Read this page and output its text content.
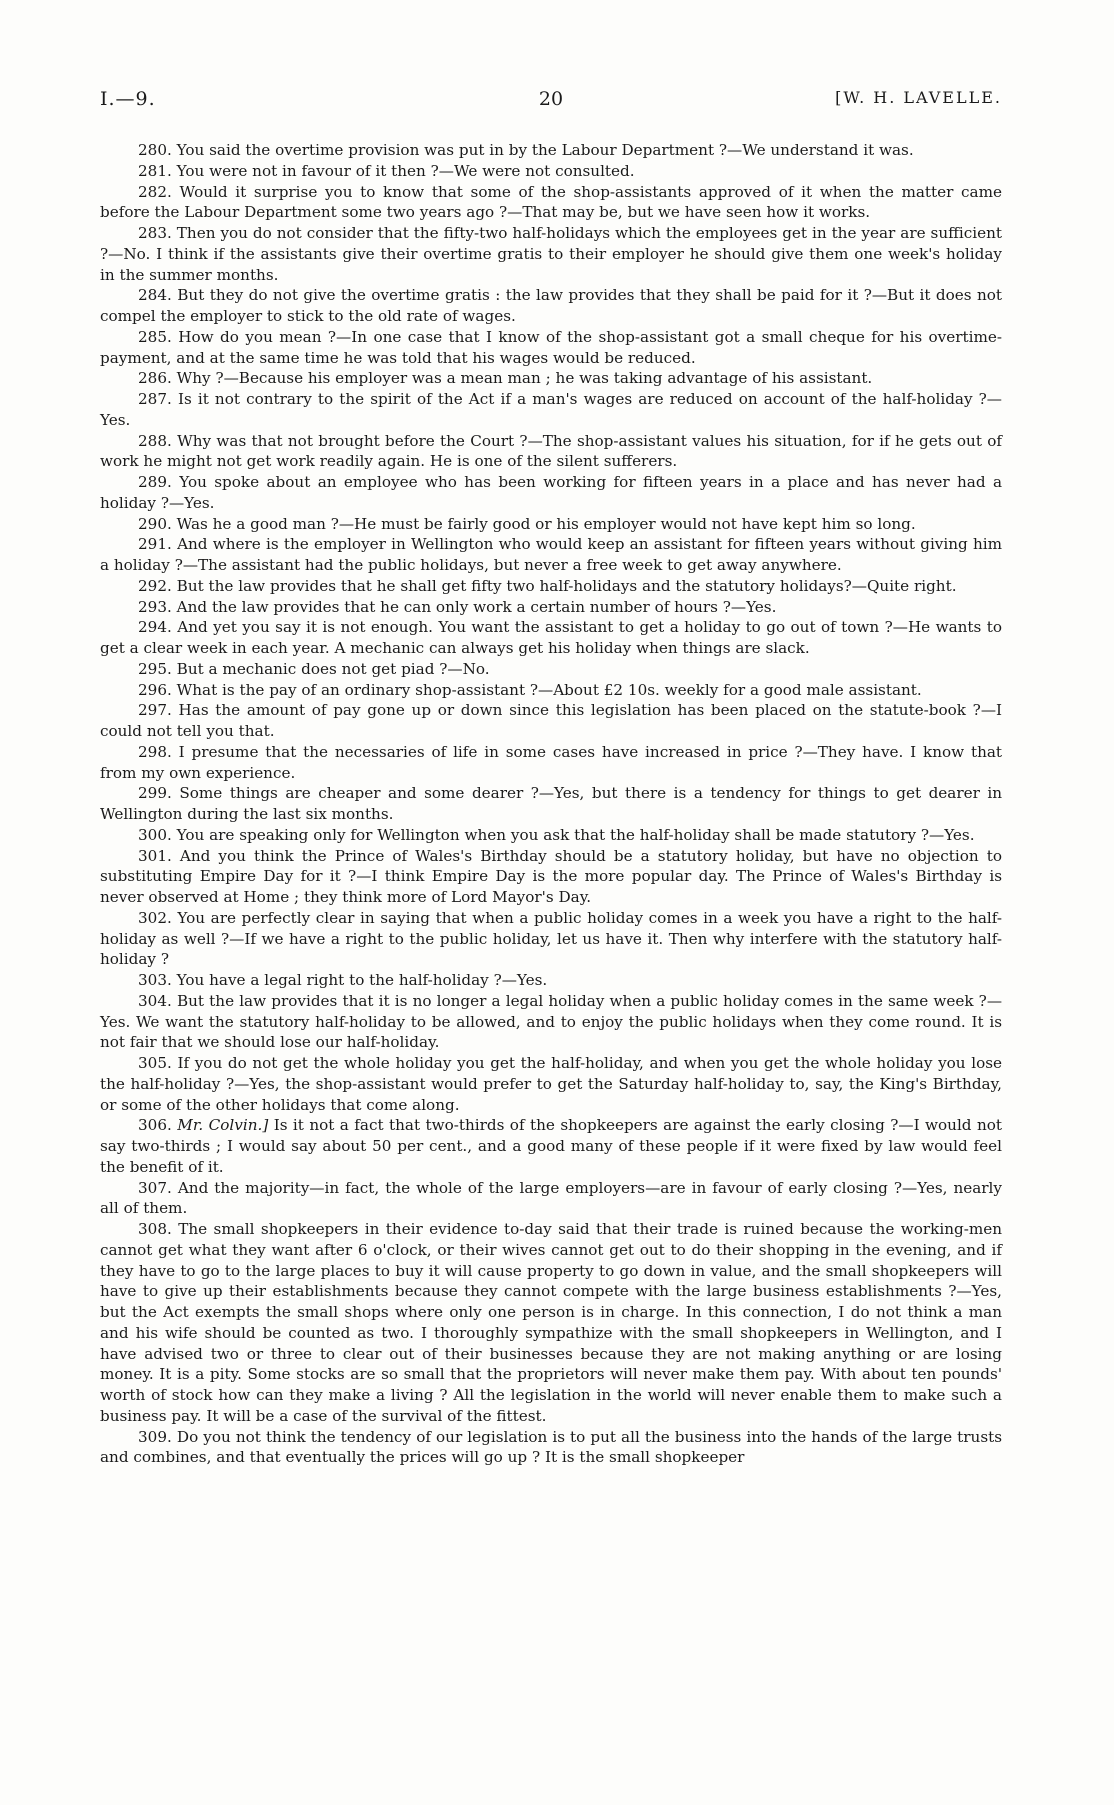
I.—9.	20	[W. H. LAVELLE.

280. You said the overtime provision was put in by the Labour Department ?—We understand it was.

281. You were not in favour of it then ?—We were not consulted.

282. Would it surprise you to know that some of the shop-assistants approved of it when the matter came before the Labour Department some two years ago ?—That may be, but we have seen how it works.

283. Then you do not consider that the fifty-two half-holidays which the employees get in the year are sufficient ?—No. I think if the assistants give their overtime gratis to their employer he should give them one week's holiday in the summer months.

284. But they do not give the overtime gratis : the law provides that they shall be paid for it ?—But it does not compel the employer to stick to the old rate of wages.

285. How do you mean ?—In one case that I know of the shop-assistant got a small cheque for his overtime-payment, and at the same time he was told that his wages would be reduced.

286. Why ?—Because his employer was a mean man ; he was taking advantage of his assistant.

287. Is it not contrary to the spirit of the Act if a man's wages are reduced on account of the half-holiday ?—Yes.

288. Why was that not brought before the Court ?—The shop-assistant values his situation, for if he gets out of work he might not get work readily again. He is one of the silent sufferers.

289. You spoke about an employee who has been working for fifteen years in a place and has never had a holiday ?—Yes.

290. Was he a good man ?—He must be fairly good or his employer would not have kept him so long.

291. And where is the employer in Wellington who would keep an assistant for fifteen years without giving him a holiday ?—The assistant had the public holidays, but never a free week to get away anywhere.

292. But the law provides that he shall get fifty two half-holidays and the statutory holidays?—Quite right.

293. And the law provides that he can only work a certain number of hours ?—Yes.

294. And yet you say it is not enough. You want the assistant to get a holiday to go out of town ?—He wants to get a clear week in each year. A mechanic can always get his holiday when things are slack.

295. But a mechanic does not get piad ?—No.

296. What is the pay of an ordinary shop-assistant ?—About £2 10s. weekly for a good male assistant.

297. Has the amount of pay gone up or down since this legislation has been placed on the statute-book ?—I could not tell you that.

298. I presume that the necessaries of life in some cases have increased in price ?—They have. I know that from my own experience.

299. Some things are cheaper and some dearer ?—Yes, but there is a tendency for things to get dearer in Wellington during the last six months.

300. You are speaking only for Wellington when you ask that the half-holiday shall be made statutory ?—Yes.

301. And you think the Prince of Wales's Birthday should be a statutory holiday, but have no objection to substituting Empire Day for it ?—I think Empire Day is the more popular day. The Prince of Wales's Birthday is never observed at Home ; they think more of Lord Mayor's Day.

302. You are perfectly clear in saying that when a public holiday comes in a week you have a right to the half-holiday as well ?—If we have a right to the public holiday, let us have it. Then why interfere with the statutory half-holiday ?

303. You have a legal right to the half-holiday ?—Yes.

304. But the law provides that it is no longer a legal holiday when a public holiday comes in the same week ?—Yes. We want the statutory half-holiday to be allowed, and to enjoy the public holidays when they come round. It is not fair that we should lose our half-holiday.

305. If you do not get the whole holiday you get the half-holiday, and when you get the whole holiday you lose the half-holiday ?—Yes, the shop-assistant would prefer to get the Saturday half-holiday to, say, the King's Birthday, or some of the other holidays that come along.

306. Mr. Colvin.] Is it not a fact that two-thirds of the shopkeepers are against the early closing ?—I would not say two-thirds ; I would say about 50 per cent., and a good many of these people if it were fixed by law would feel the benefit of it.

307. And the majority—in fact, the whole of the large employers—are in favour of early closing ?—Yes, nearly all of them.

308. The small shopkeepers in their evidence to-day said that their trade is ruined because the working-men cannot get what they want after 6 o'clock, or their wives cannot get out to do their shopping in the evening, and if they have to go to the large places to buy it will cause property to go down in value, and the small shopkeepers will have to give up their establishments because they cannot compete with the large business establishments ?—Yes, but the Act exempts the small shops where only one person is in charge. In this connection, I do not think a man and his wife should be counted as two. I thoroughly sympathize with the small shopkeepers in Wellington, and I have advised two or three to clear out of their businesses because they are not making anything or are losing money. It is a pity. Some stocks are so small that the proprietors will never make them pay. With about ten pounds' worth of stock how can they make a living ? All the legislation in the world will never enable them to make such a business pay. It will be a case of the survival of the fittest.

309. Do you not think the tendency of our legislation is to put all the business into the hands of the large trusts and combines, and that eventually the prices will go up ? It is the small shopkeeper
